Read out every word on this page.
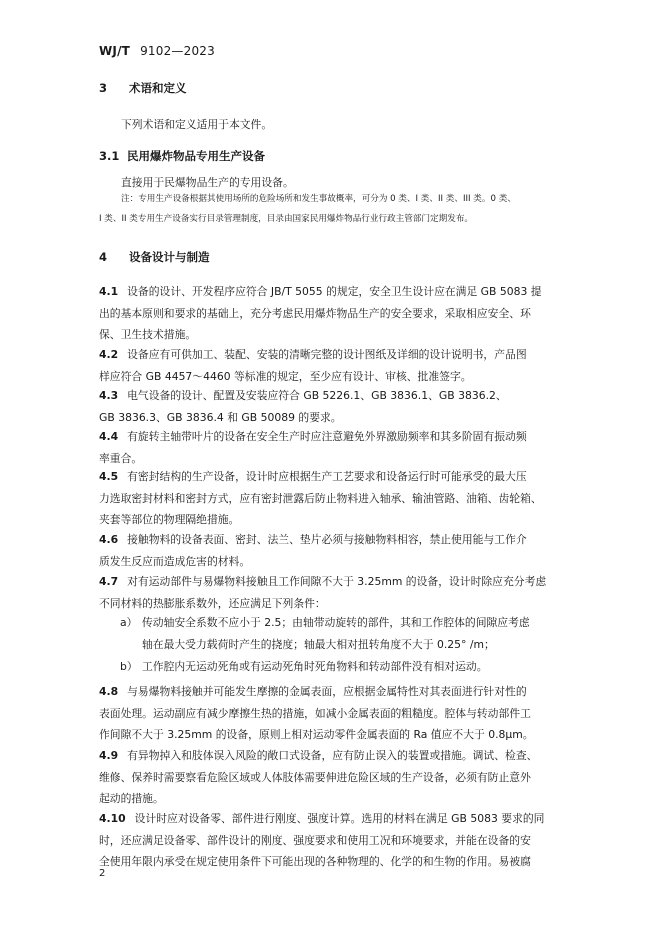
WJ/T 9102—2023
3 术语和定义
下列术语和定义适用于本文件。
3.1 民用爆炸物品专用生产设备
直接用于民爆物品生产的专用设备。
注：专用生产设备根据其使用场所的危险场所和发生事故概率，可分为 0 类、I 类、II 类、III 类。0 类、
I 类、II 类专用生产设备实行目录管理制度，目录由国家民用爆炸物品行业行政主管部门定期发布。
4 设备设计与制造
4.1 设备的设计、开发程序应符合 JB/T 5055 的规定，安全卫生设计应在满足 GB 5083 提
出的基本原则和要求的基础上，充分考虑民用爆炸物品生产的安全要求，采取相应安全、环
保、卫生技术措施。
4.2 设备应有可供加工、装配、安装的清晰完整的设计图纸及详细的设计说明书，产品图
样应符合 GB 4457～4460 等标准的规定，至少应有设计、审核、批准签字。
4.3 电气设备的设计、配置及安装应符合 GB 5226.1、GB 3836.1、GB 3836.2、
GB 3836.3、GB 3836.4 和 GB 50089 的要求。
4.4 有旋转主轴带叶片的设备在安全生产时应注意避免外界激励频率和其多阶固有振动频
率重合。
4.5 有密封结构的生产设备，设计时应根据生产工艺要求和设备运行时可能承受的最大压
力选取密封材料和密封方式，应有密封泄露后防止物料进入轴承、输油管路、油箱、齿轮箱、
夹套等部位的物理隔绝措施。
4.6 接触物料的设备表面、密封、法兰、垫片必须与接触物料相容，禁止使用能与工作介
质发生反应而造成危害的材料。
4.7 对有运动部件与易爆物料接触且工作间隙不大于 3.25mm 的设备，设计时除应充分考虑
不同材料的热膨胀系数外，还应满足下列条件：
a） 传动轴安全系数不应小于 2.5；由轴带动旋转的部件，其和工作腔体的间隙应考虑
轴在最大受力载荷时产生的挠度；轴最大相对扭转角度不大于 0.25° /m；
b） 工作腔内无运动死角或有运动死角时死角物料和转动部件没有相对运动。
4.8 与易爆物料接触并可能发生摩擦的金属表面，应根据金属特性对其表面进行针对性的
表面处理。运动副应有减少摩擦生热的措施，如减小金属表面的粗糙度。腔体与转动部件工
作间隙不大于 3.25mm 的设备，原则上相对运动零件金属表面的 Ra 值应不大于 0.8μm。
4.9 有异物掉入和肢体误入风险的敞口式设备，应有防止误入的装置或措施。调试、检查、
维修、保养时需要察看危险区域或人体肢体需要伸进危险区域的生产设备，必须有防止意外
起动的措施。
4.10 设计时应对设备零、部件进行刚度、强度计算。选用的材料在满足 GB 5083 要求的同
时，还应满足设备零、部件设计的刚度、强度要求和使用工况和环境要求，并能在设备的安
全使用年限内承受在规定使用条件下可能出现的各种物理的、化学的和生物的作用。易被腐
2
